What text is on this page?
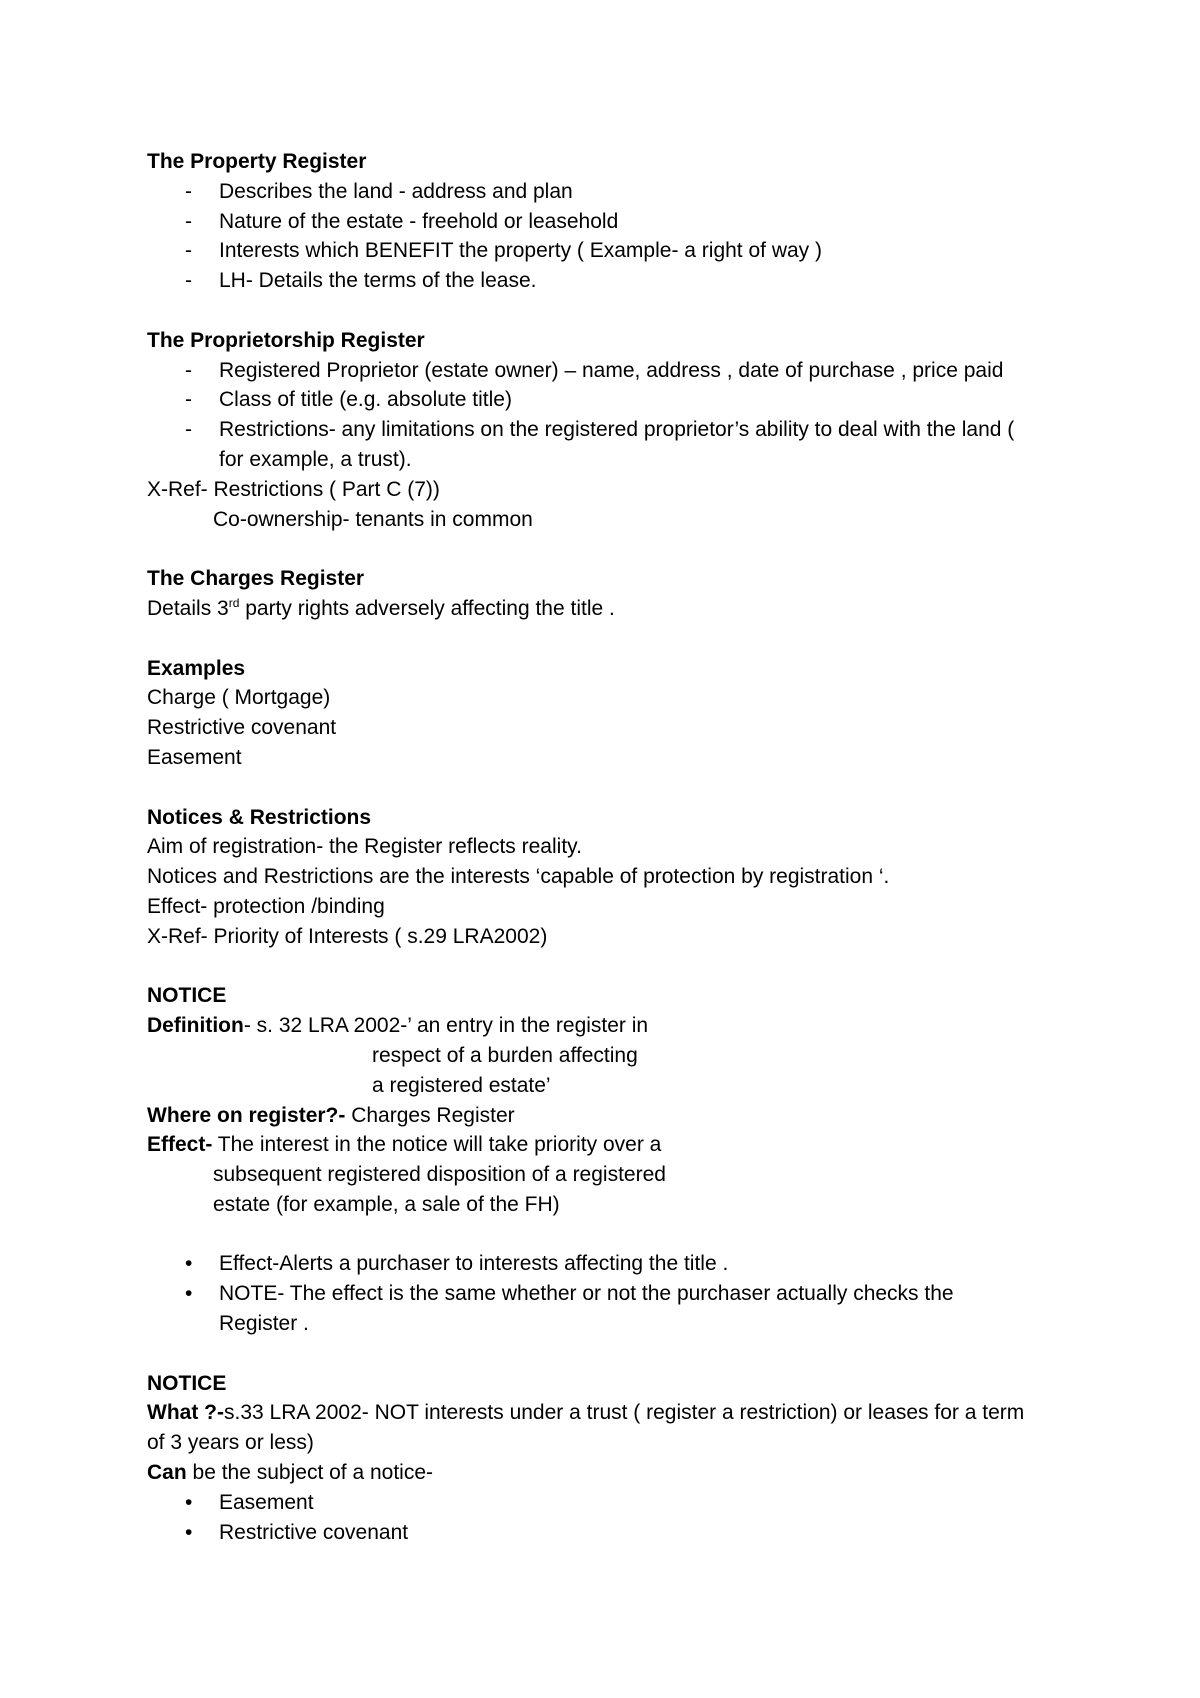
The Property Register
-	Describes the land - address and plan
-	Nature of the estate - freehold or leasehold
-	Interests which BENEFIT the property ( Example- a right of way )
-	LH- Details the terms of the lease.
The Proprietorship Register
-	Registered Proprietor (estate owner) – name, address , date of purchase , price paid
-	Class of title (e.g. absolute title)
-	Restrictions- any limitations on the registered proprietor’s ability to deal with the land ( for example, a trust).
X-Ref- Restrictions ( Part C (7))
Co-ownership- tenants in common
The Charges Register
Details 3rd party rights adversely affecting the title .
Examples
Charge ( Mortgage)
Restrictive covenant
Easement
Notices & Restrictions
Aim of registration- the Register reflects reality.
Notices and Restrictions are the interests ‘capable of protection by registration ‘.
Effect- protection /binding
X-Ref- Priority of Interests ( s.29 LRA2002)
NOTICE
Definition- s. 32 LRA 2002-’ an entry in the register in
respect of a burden affecting
a registered estate’
Where on register?- Charges Register
Effect- The interest in the notice will take priority over a
subsequent registered disposition of a registered
estate (for example, a sale of the FH)
•	Effect-Alerts a purchaser to interests affecting the title .
•	NOTE- The effect is the same whether or not the purchaser actually checks the Register .
NOTICE
What ?-s.33 LRA 2002- NOT interests under a trust ( register a restriction) or leases for a term of 3 years or less)
Can be the subject of a notice-
•	Easement
•	Restrictive covenant
